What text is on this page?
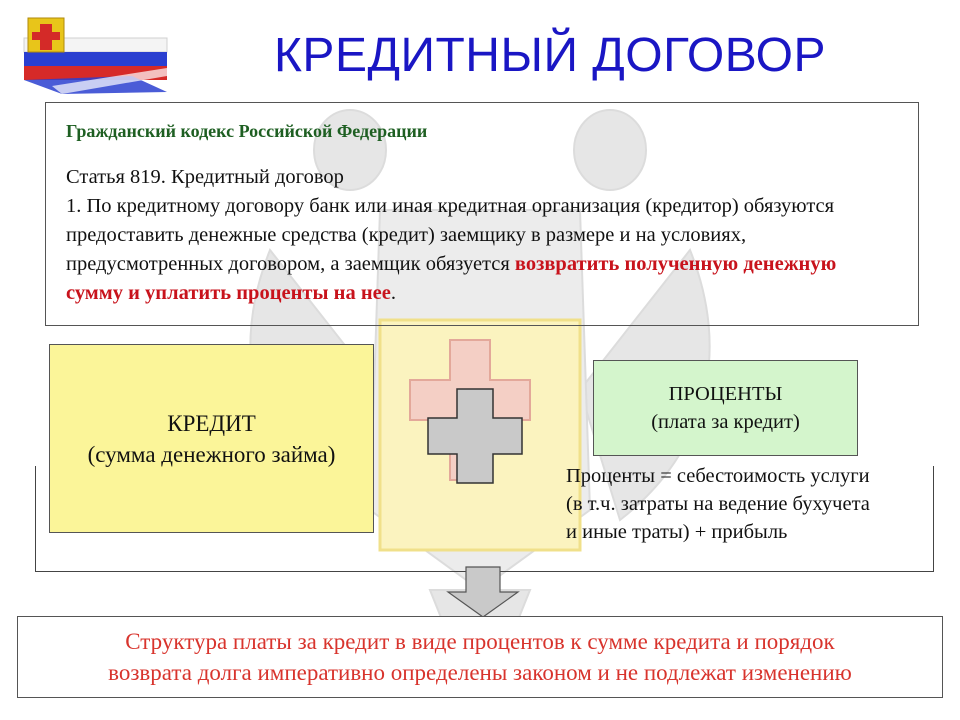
КРЕДИТНЫЙ ДОГОВОР
Гражданский кодекс Российской Федерации
Статья 819. Кредитный договор
1. По кредитному договору банк или иная кредитная организация (кредитор) обязуются предоставить денежные средства (кредит) заемщику в размере и на условиях, предусмотренных договором, а заемщик обязуется возвратить полученную денежную сумму и уплатить проценты на нее.
КРЕДИТ
(сумма денежного займа)
ПРОЦЕНТЫ
(плата за кредит)
Проценты = себестоимость услуги
(в т.ч. затраты на ведение бухучета
и иные траты) + прибыль
Структура платы за кредит в виде процентов к сумме кредита и порядок
возврата долга императивно определены законом и не подлежат изменению
